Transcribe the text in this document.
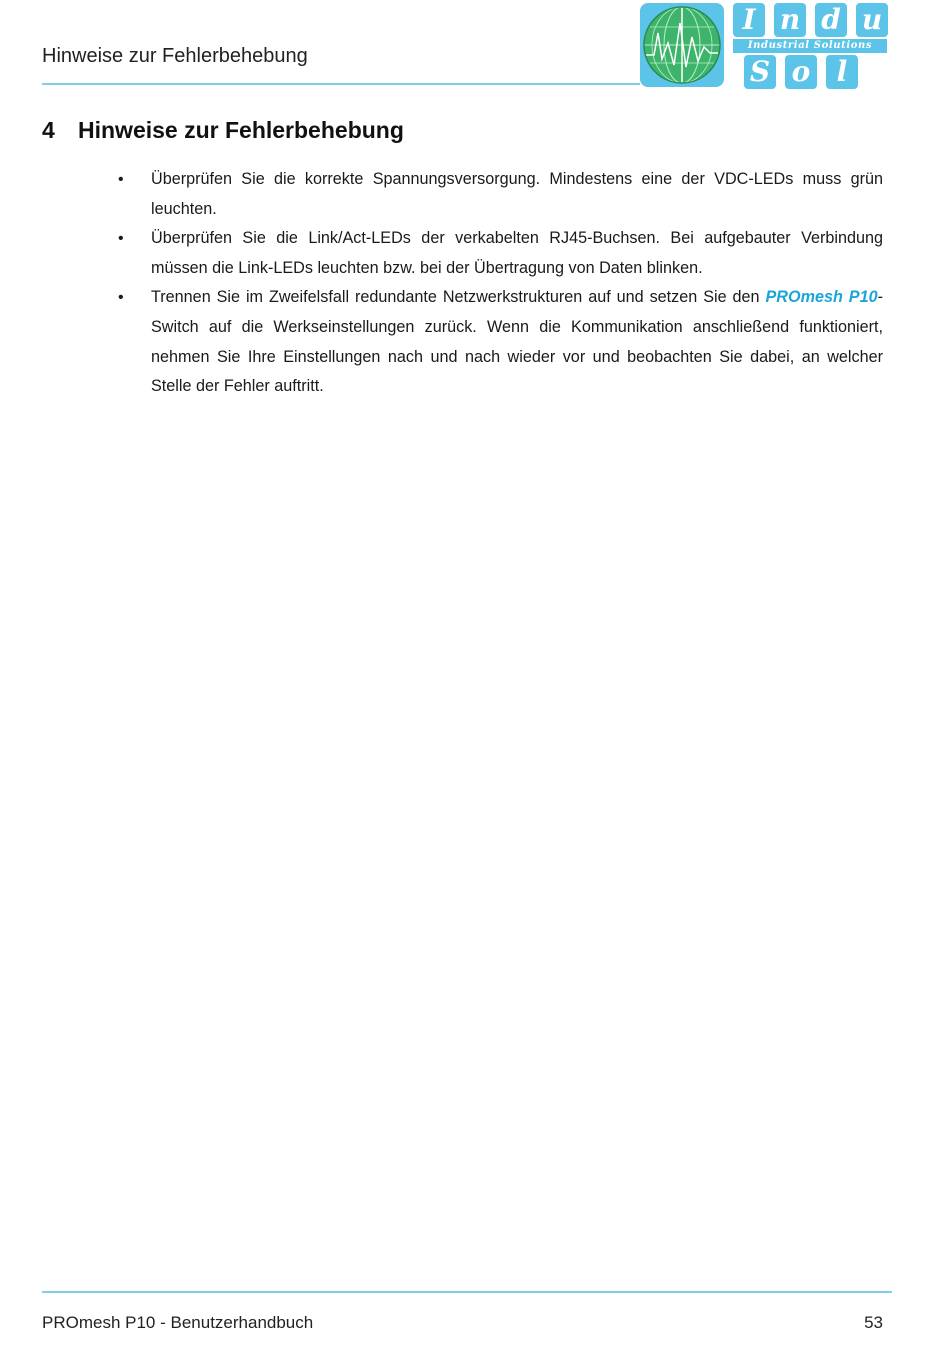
Hinweise zur Fehlerbehebung
I n d u
Industrial Solutions
S o l
4 Hinweise zur Fehlerbehebung
• Überprüfen Sie die korrekte Spannungsversorgung. Mindestens eine der VDC-LEDs muss grün leuchten.
• Überprüfen Sie die Link/Act-LEDs der verkabelten RJ45-Buchsen. Bei aufgebauter Verbindung müssen die Link-LEDs leuchten bzw. bei der Übertragung von Daten blinken.
• Trennen Sie im Zweifelsfall redundante Netzwerkstrukturen auf und setzen Sie den PROmesh P10-Switch auf die Werkseinstellungen zurück. Wenn die Kommunikation anschließend funktioniert, nehmen Sie Ihre Einstellungen nach und nach wieder vor und beobachten Sie dabei, an welcher Stelle der Fehler auftritt.
PROmesh P10 - Benutzerhandbuch	53
